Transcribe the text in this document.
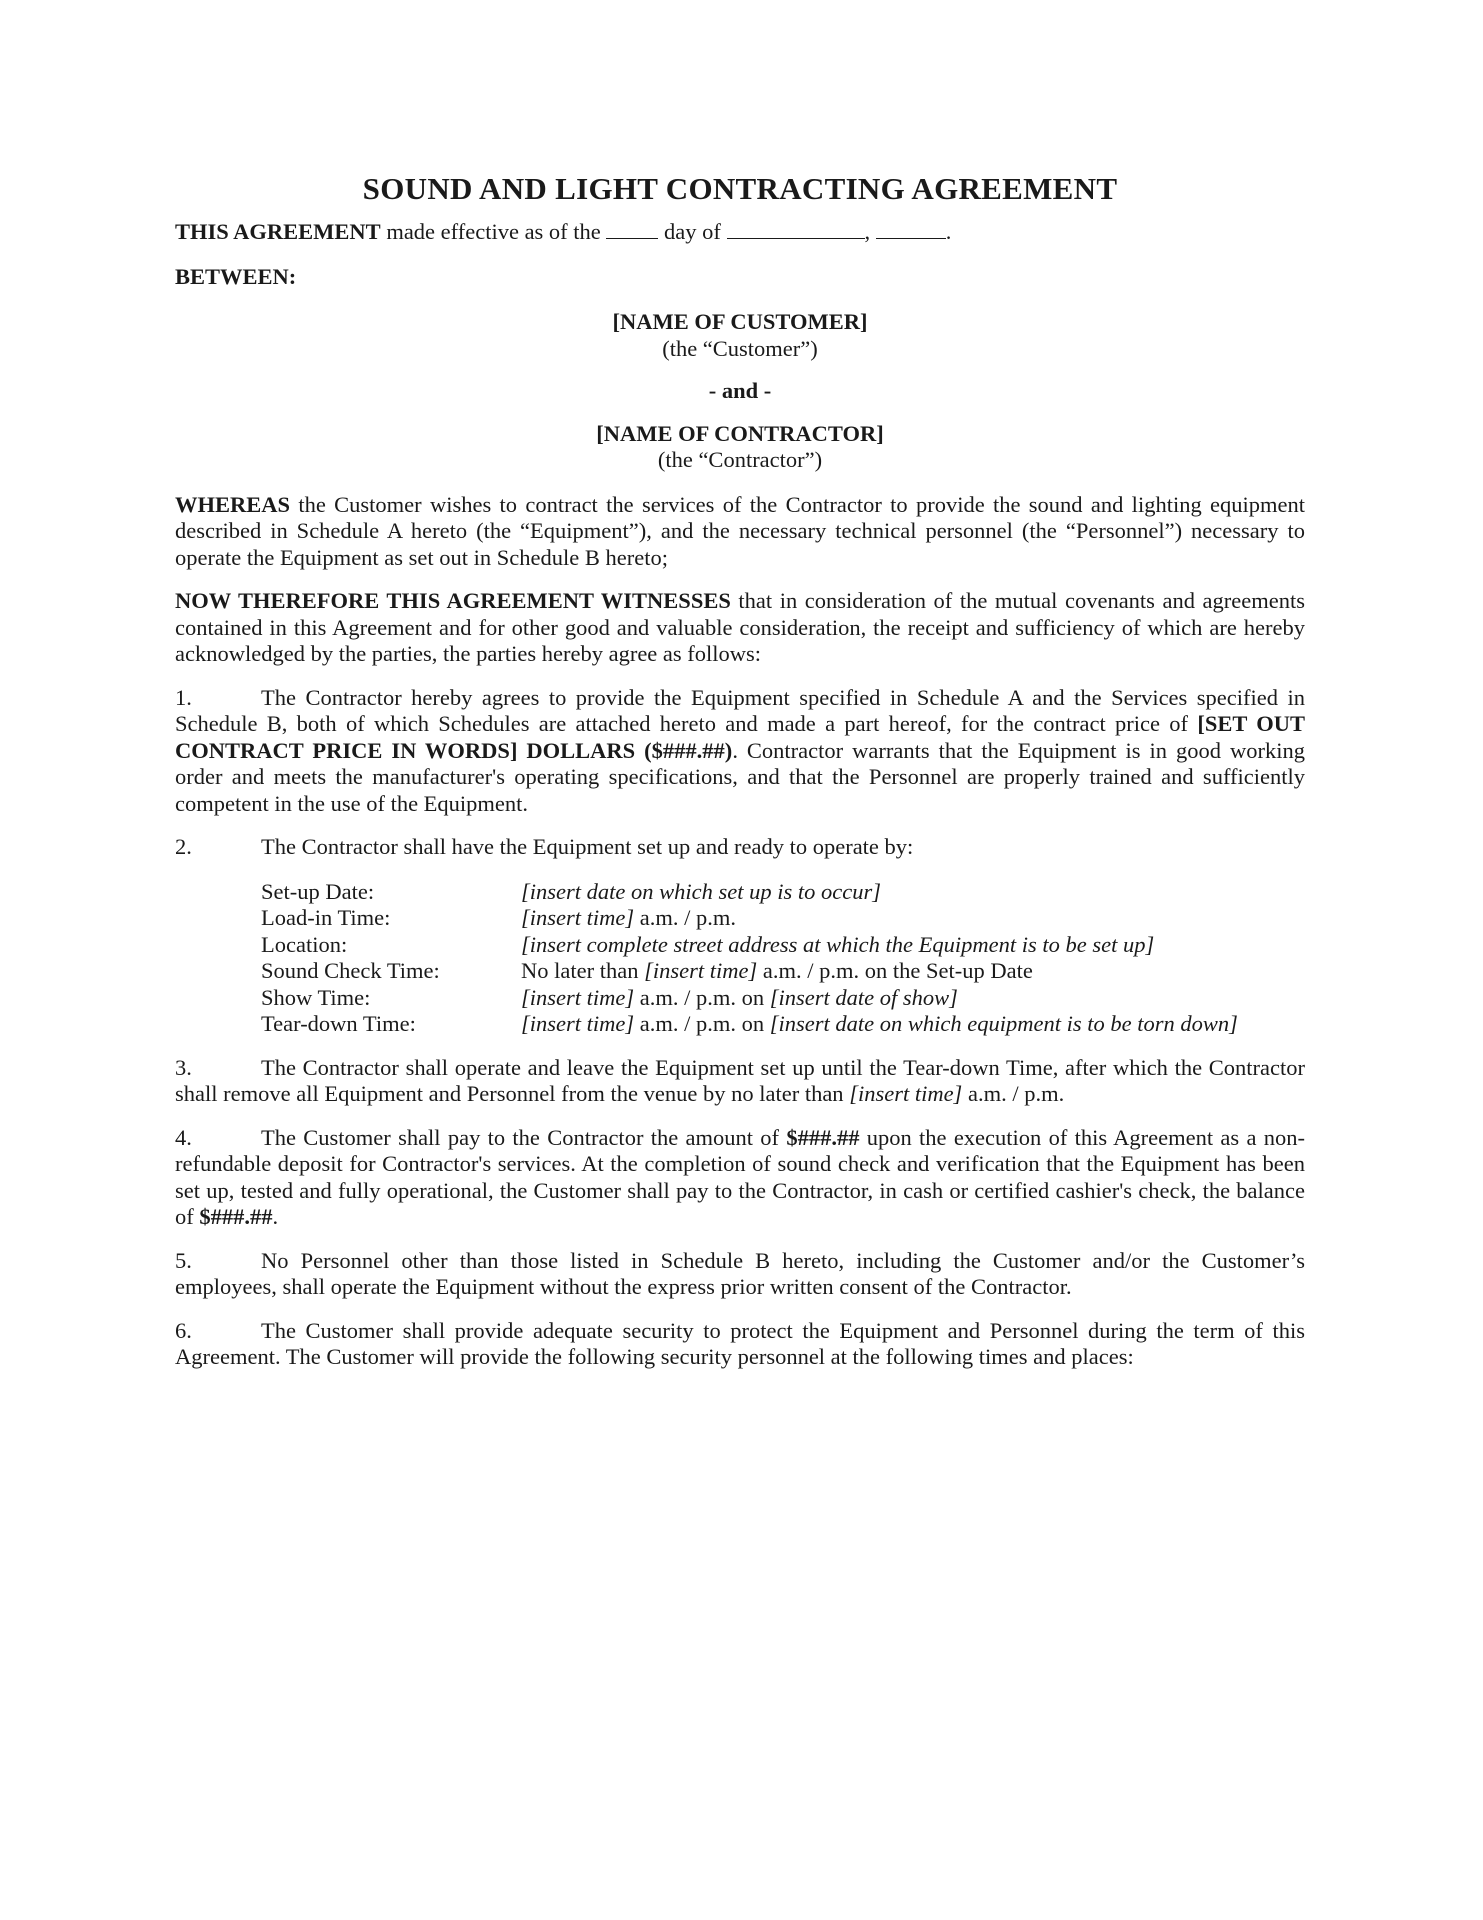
SOUND AND LIGHT CONTRACTING AGREEMENT

THIS AGREEMENT made effective as of the  day of	,	.

BETWEEN:

[NAME OF CUSTOMER]
(the “Customer”)
- and -
[NAME OF CONTRACTOR]
(the “Contractor”)

WHEREAS the Customer wishes to contract the services of the Contractor to provide the sound and lighting equipment described in Schedule A hereto (the “Equipment”), and the necessary technical personnel (the “Personnel”) necessary to operate the Equipment as set out in Schedule B hereto;

NOW THEREFORE THIS AGREEMENT WITNESSES that in consideration of the mutual covenants and agreements contained in this Agreement and for other good and valuable consideration, the receipt and sufficiency of which are hereby acknowledged by the parties, the parties hereby agree as follows:

1.	The Contractor hereby agrees to provide the Equipment specified in Schedule A and the Services specified in Schedule B, both of which Schedules are attached hereto and made a part hereof, for the contract price of [SET OUT CONTRACT PRICE IN WORDS] DOLLARS ($###.##). Contractor warrants that the Equipment is in good working order and meets the manufacturer's operating specifications, and that the Personnel are properly trained and sufficiently competent in the use of the Equipment.

2.	The Contractor shall have the Equipment set up and ready to operate by:

Set-up Date:	[insert date on which set up is to occur]
Load-in Time:	[insert time] a.m. / p.m.
Location:	[insert complete street address at which the Equipment is to be set up]
Sound Check Time:	No later than [insert time] a.m. / p.m. on the Set-up Date
Show Time:	[insert time] a.m. / p.m. on [insert date of show]
Tear-down Time:	[insert time] a.m. / p.m. on [insert date on which equipment is to be torn down]

3.	The Contractor shall operate and leave the Equipment set up until the Tear-down Time, after which the Contractor shall remove all Equipment and Personnel from the venue by no later than [insert time] a.m. / p.m.

4.	The Customer shall pay to the Contractor the amount of $###.## upon the execution of this Agreement as a non-refundable deposit for Contractor's services. At the completion of sound check and verification that the Equipment has been set up, tested and fully operational, the Customer shall pay to the Contractor, in cash or certified cashier's check, the balance of $###.##.

5.	No Personnel other than those listed in Schedule B hereto, including the Customer and/or the Customer’s employees, shall operate the Equipment without the express prior written consent of the Contractor.

6.	The Customer shall provide adequate security to protect the Equipment and Personnel during the term of this Agreement. The Customer will provide the following security personnel at the following times and places:
